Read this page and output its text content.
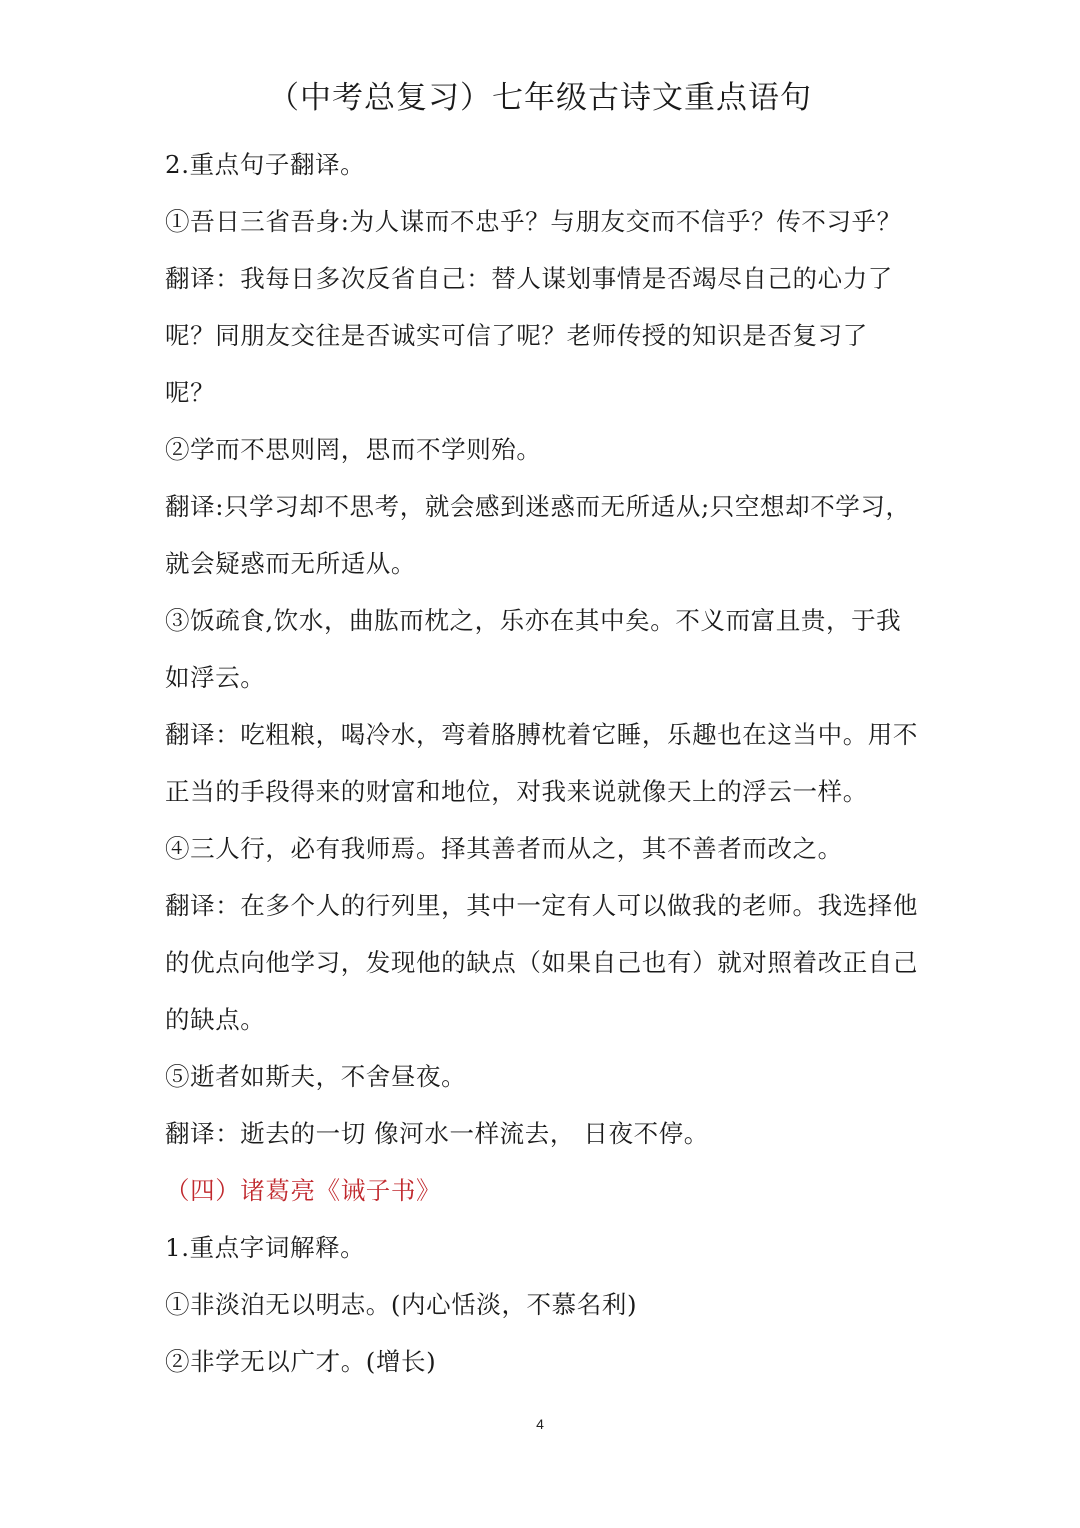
（中考总复习）七年级古诗文重点语句
2.重点句子翻译。
①吾日三省吾身:为人谋而不忠乎？与朋友交而不信乎？传不习乎？
翻译：我每日多次反省自己：替人谋划事情是否竭尽自己的心力了
呢？同朋友交往是否诚实可信了呢？老师传授的知识是否复习了
呢？
②学而不思则罔，思而不学则殆。
翻译:只学习却不思考，就会感到迷惑而无所适从;只空想却不学习，
就会疑惑而无所适从。
③饭疏食,饮水，曲肱而枕之，乐亦在其中矣。不义而富且贵，于我
如浮云。
翻译：吃粗粮，喝冷水，弯着胳膊枕着它睡，乐趣也在这当中。用不
正当的手段得来的财富和地位，对我来说就像天上的浮云一样。
④三人行，必有我师焉。择其善者而从之，其不善者而改之。
翻译：在多个人的行列里，其中一定有人可以做我的老师。我选择他
的优点向他学习，发现他的缺点（如果自己也有）就对照着改正自己
的缺点。
⑤逝者如斯夫，不舍昼夜。
翻译：逝去的一切 像河水一样流去， 日夜不停。
（四）诸葛亮《诫子书》
1.重点字词解释。
①非淡泊无以明志。(内心恬淡，不慕名利)
②非学无以广才。(增长)
4
